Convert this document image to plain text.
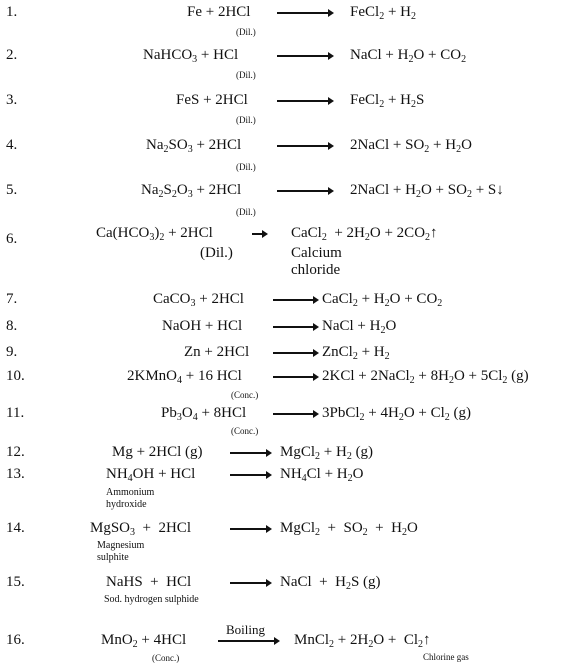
1.	Fe + 2HCl → FeCl$_2$ + $H_2$
(Dil.)
2.	NaHCO$_3$ + HCl	→ NaCl + $H_2O + CO_2$
(Dil.)
3.	FeS + 2HCl → FeCl$_2$ + $H_2S$
(Dil.)
4.	$Na_2SO_3 + 2HCl$ → 2NaCl + $SO_2 + H_2O$
(Dil.)
5.	$Na_2S_2O_3 + 2HCl$ → 2NaCl + $H_2O + SO_2 + S$ ↓
(Dil.)
6.	$Ca(HCO_3)_2 + 2HCl$	CaCl$_2$  + $2H_2O + 2CO_2$ ↑
(Dil.)	Calcium chloride
7.	CaCO$_3$ + 2HCl → CaCl$_2$ + $H_2O + CO_2$
8.	NaOH + HCl → NaCl + $H_2O$
9.	Zn + 2HCl → ZnCl$_2$ + $H_2$
10.	2KMnO$_4$ + 16 HCl → 2KCl + 2NaCl$_2$ + $8H_2O + 5Cl_2$ (g)
(Conc.)
11.	$Pb_3O_4 + 8HCl$ → 3PbCl$_2$ + $4H_2O + Cl_2$ (g)
(Conc.)
12.	Mg + 2HCl (g) → MgCl$_2$ + $H_2$ (g)
13.	$NH_4OH$ + HCl → $NH_4Cl + H_2O$
Ammonium hydroxide
14.	MgSO$_3$  +  2HCl	→ MgCl$_2$  +  $SO_2 + H_2O$
Magnesium sulphite
15.	NaHS  +  HCl	→ NaCl  +  $H_2S$ (g)
Sod. hydrogen sulphide
16.	MnO$_2$ + 4HCl
Boiling
→ MnCl$_2$ + $2H_2O + Cl_2$ ↑
(Conc.)	Chlorine gas
